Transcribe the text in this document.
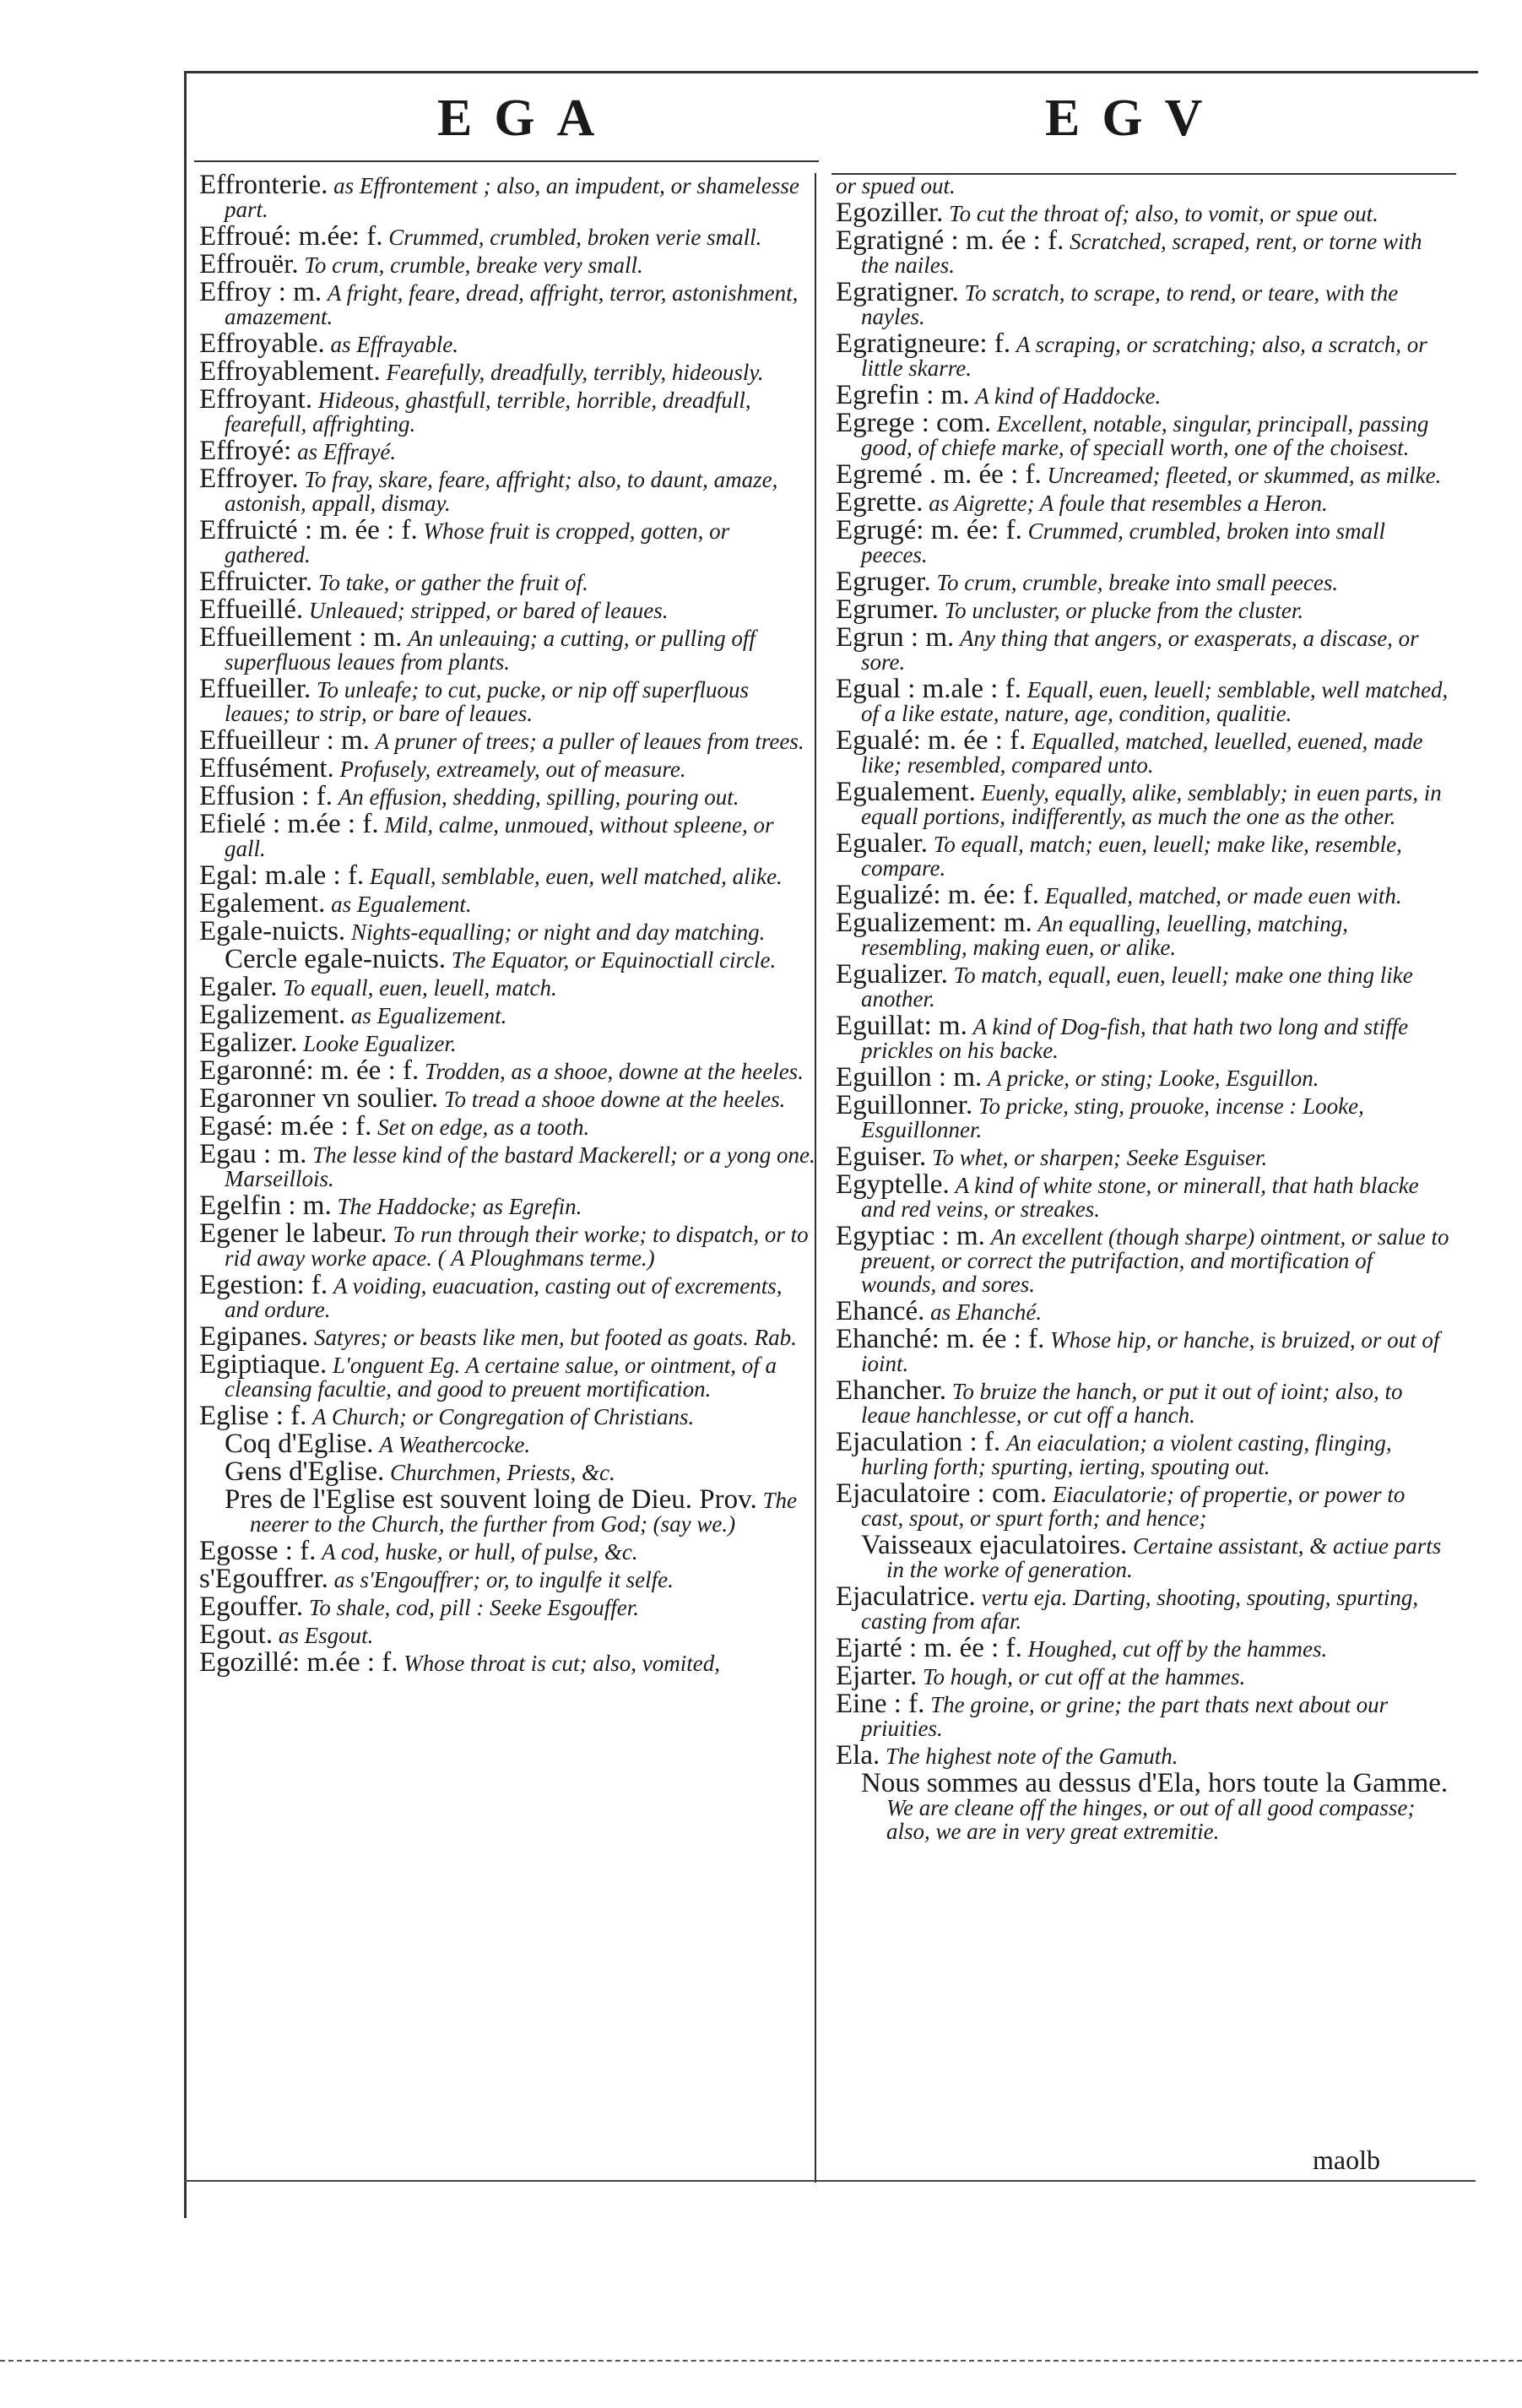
EGA	EGV

Effronterie. as Effrontement ; also, an impudent, or shamelesse part.

Effroué: m.ée: f. Crummed, crumbled, broken verie small.

Effrouër. To crum, crumble, breake very small.

Effroy : m. A fright, feare, dread, affright, terror, astonishment, amazement.

Effroyable. as Effrayable.

Effroyablement. Fearefully, dreadfully, terribly, hideously.

Effroyant. Hideous, ghastfull, terrible, horrible, dreadfull, fearefull, affrighting.

Effroyé: as Effrayé.

Effroyer. To fray, skare, feare, affright; also, to daunt, amaze, astonish, appall, dismay.

Effruicté : m. ée : f. Whose fruit is cropped, gotten, or gathered.

Effruicter. To take, or gather the fruit of.

Effueillé. Unleaued; stripped, or bared of leaues.

Effueillement : m. An unleauing; a cutting, or pulling off superfluous leaues from plants.

Effueiller. To unleafe; to cut, pucke, or nip off superfluous leaues; to strip, or bare of leaues.

Effueilleur : m. A pruner of trees; a puller of leaues from trees.

Effusément. Profusely, extreamely, out of measure.

Effusion : f. An effusion, shedding, spilling, pouring out.

Efielé : m.ée : f. Mild, calme, unmoued, without spleene, or gall.

Egal: m.ale : f. Equall, semblable, euen, well matched, alike.

Egalement. as Egualement.

Egale-nuicts. Nights-equalling; or night and day matching.

Cercle egale-nuicts. The Equator, or Equinoctiall circle.

Egaler. To equall, euen, leuell, match.

Egalizement. as Egualizement.

Egalizer. Looke Egualizer.

Egaronné: m. ée : f. Trodden, as a shooe, downe at the heeles.

Egaronner vn soulier. To tread a shooe downe at the heeles.

Egasé: m.ée : f. Set on edge, as a tooth.

Egau : m. The lesse kind of the bastard Mackerell; or a yong one. Marseillois.

Egelfin : m. The Haddocke; as Egrefin.

Egener le labeur. To run through their worke; to dispatch, or to rid away worke apace. ( A Ploughmans terme.)

Egestion: f. A voiding, euacuation, casting out of excrements, and ordure.

Egipanes. Satyres; or beasts like men, but footed as goats. Rab.

Egiptiaque. L'onguent Eg. A certaine salue, or ointment, of a cleansing facultie, and good to preuent mortification.

Eglise : f. A Church; or Congregation of Christians.

Coq d'Eglise. A Weathercocke.

Gens d'Eglise. Churchmen, Priests, &c.

Pres de l'Eglise est souvent loing de Dieu. Prov. The neerer to the Church, the further from God; (say we.)

Egosse : f. A cod, huske, or hull, of pulse, &c.

s'Egouffrer. as s'Engouffrer; or, to ingulfe it selfe.

Egouffer. To shale, cod, pill : Seeke Esgouffer.

Egout. as Esgout.

Egozillé: m.ée : f. Whose throat is cut; also, vomited,

or spued out.

Egoziller. To cut the throat of; also, to vomit, or spue out.

Egratigné : m. ée : f. Scratched, scraped, rent, or torne with the nailes.

Egratigner. To scratch, to scrape, to rend, or teare, with the nayles.

Egratigneure: f. A scraping, or scratching; also, a scratch, or little skarre.

Egrefin : m. A kind of Haddocke.

Egrege : com. Excellent, notable, singular, principall, passing good, of chiefe marke, of speciall worth, one of the choisest.

Egremé . m. ée : f. Uncreamed; fleeted, or skummed, as milke.

Egrette. as Aigrette; A foule that resembles a Heron.

Egrugé: m. ée: f. Crummed, crumbled, broken into small peeces.

Egruger. To crum, crumble, breake into small peeces.

Egrumer. To uncluster, or plucke from the cluster.

Egrun : m. Any thing that angers, or exasperats, a discase, or sore.

Egual : m.ale : f. Equall, euen, leuell; semblable, well matched, of a like estate, nature, age, condition, qualitie.

Egualé: m. ée : f. Equalled, matched, leuelled, euened, made like; resembled, compared unto.

Egualement. Euenly, equally, alike, semblably; in euen parts, in equall portions, indifferently, as much the one as the other.

Egualer. To equall, match; euen, leuell; make like, resemble, compare.

Egualizé: m. ée: f. Equalled, matched, or made euen with.

Egualizement: m. An equalling, leuelling, matching, resembling, making euen, or alike.

Egualizer. To match, equall, euen, leuell; make one thing like another.

Eguillat: m. A kind of Dog-fish, that hath two long and stiffe prickles on his backe.

Eguillon : m. A pricke, or sting; Looke, Esguillon.

Eguillonner. To pricke, sting, prouoke, incense : Looke, Esguillonner.

Eguiser. To whet, or sharpen; Seeke Esguiser.

Egyptelle. A kind of white stone, or minerall, that hath blacke and red veins, or streakes.

Egyptiac : m. An excellent (though sharpe) ointment, or salue to preuent, or correct the putrifaction, and mortification of wounds, and sores.

Ehancé. as Ehanché.

Ehanché: m. ée : f. Whose hip, or hanche, is bruized, or out of ioint.

Ehancher. To bruize the hanch, or put it out of ioint; also, to leaue hanchlesse, or cut off a hanch.

Ejaculation : f. An eiaculation; a violent casting, flinging, hurling forth; spurting, ierting, spouting out.

Ejaculatoire : com. Eiaculatorie; of propertie, or power to cast, spout, or spurt forth; and hence;

Vaisseaux ejaculatoires. Certaine assistant, & actiue parts in the worke of generation.

Ejaculatrice. vertu eja. Darting, shooting, spouting, spurting, casting from afar.

Ejarté : m. ée : f. Houghed, cut off by the hammes.

Ejarter. To hough, or cut off at the hammes.

Eine : f. The groine, or grine; the part thats next about our priuities.

Ela. The highest note of the Gamuth.

Nous sommes au dessus d'Ela, hors toute la Gamme. We are cleane off the hinges, or out of all good compasse; also, we are in very great extremitie.

maolb
